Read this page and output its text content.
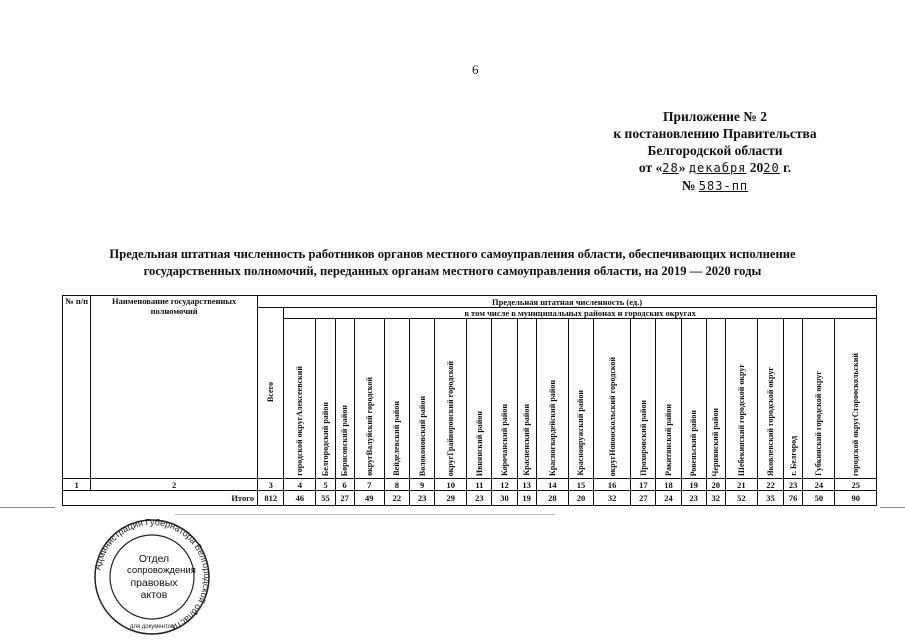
6
Приложение № 2
к постановлению Правительства
Белгородской области
от «28» декабря 2020 г.
№ 583-пп
Предельная штатная численность работников органов местного самоуправления области, обеспечивающих исполнение
государственных полномочий, переданных органам местного самоуправления области, на 2019 — 2020 годы
№ п/п	Наименование государственных полномочий	Предельная штатная численность (ед.)																						
		Всего	в том числе в муниципальных районах и городских округах																					
			городской округАлексеевский	Белгородский район	Борисовский район	округВалуйский городской	Вейделевский район	Волоконовский район	округГрайворонский городской	Ивнянский район	Корочанский район	Красненский район	Красногвардейский район	Краснояружский район	округНовооскольский городской	Прохоровский район	Ракитянский район	Ровеньский район	Чернянский район	Шебекинский городской округ	Яковлевский городской округ	г. Белгород	Губкинский городской округ	городской округСтарооскольский
1	2	3	4	5	6	7	8	9	10	11	12	13	14	15	16	17	18	19	20	21	22	23	24	25
Итого		812	46	55	27	49	22	23	29	23	30	19	28	20	32	27	24	23	32	52	35	76	50	90
Администрация Губернатора Белгородской области
для документов
Отдел
сопровождения
правовых
актов
